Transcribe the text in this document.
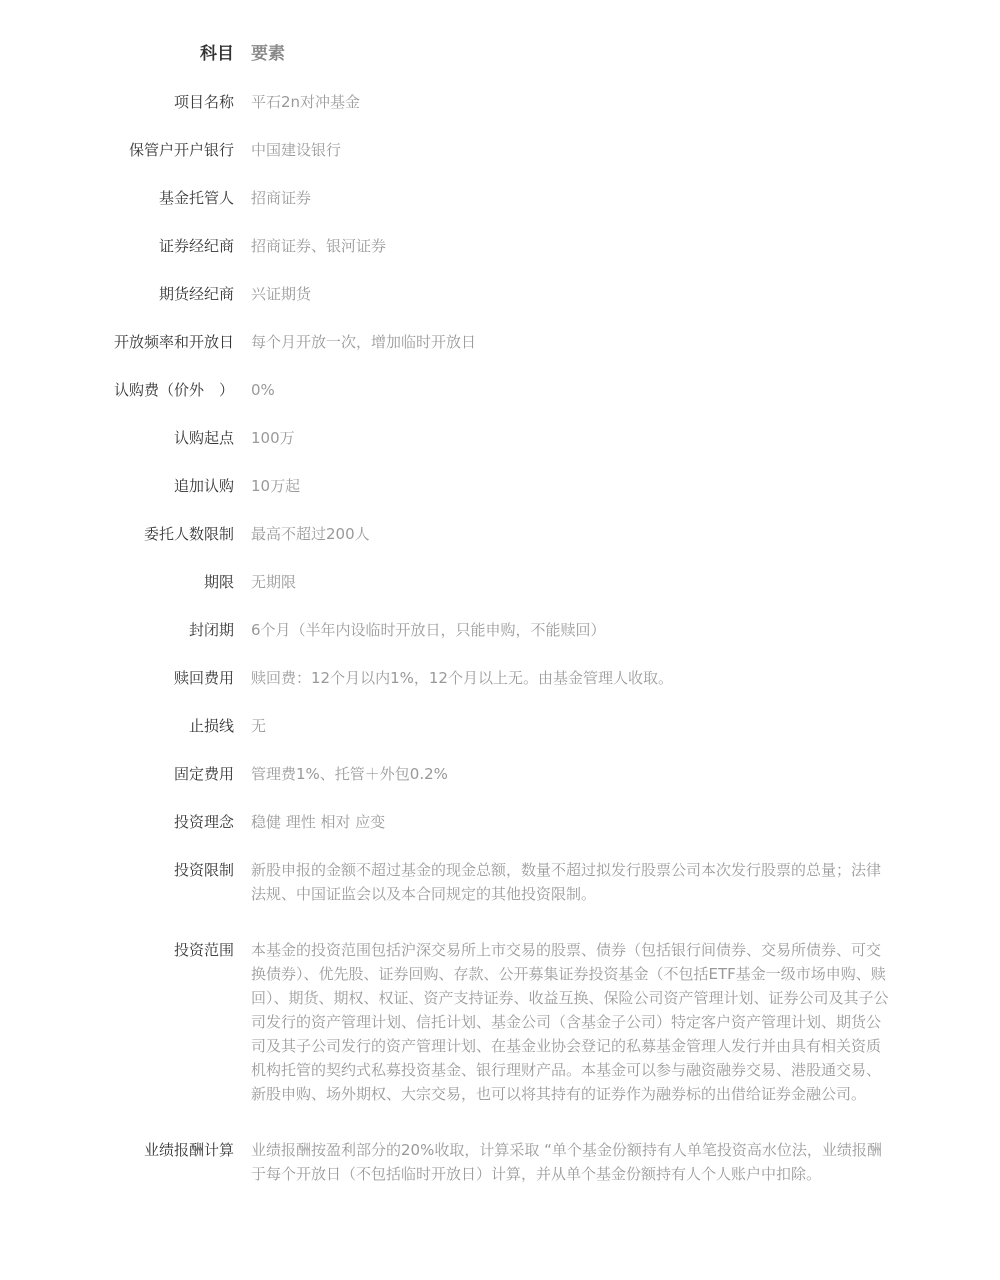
科目 要素
项目名称 平石2n对冲基金
保管户开户银行 中国建设银行
基金托管人 招商证券
证券经纪商 招商证券、银河证券
期货经纪商 兴证期货
开放频率和开放日 每个月开放一次，增加临时开放日
认购费（价外　） 0%
认购起点 100万
追加认购 10万起
委托人数限制 最高不超过200人
期限 无期限
封闭期 6个月（半年内设临时开放日，只能申购，不能赎回）
赎回费用 赎回费：12个月以内1%，12个月以上无。由基金管理人收取。
止损线 无
固定费用 管理费1%、托管＋外包0.2%
投资理念 稳健 理性 相对 应变
投资限制 新股申报的金额不超过基金的现金总额，数量不超过拟发行股票公司本次发行股票的总量；法律法规、中国证监会以及本合同规定的其他投资限制。
投资范围 本基金的投资范围包括沪深交易所上市交易的股票、债券（包括银行间债券、交易所债券、可交换债券）、优先股、证券回购、存款、公开募集证券投资基金（不包括ETF基金一级市场申购、赎回）、期货、期权、权证、资产支持证券、收益互换、保险公司资产管理计划、证券公司及其子公司发行的资产管理计划、信托计划、基金公司（含基金子公司）特定客户资产管理计划、期货公司及其子公司发行的资产管理计划、在基金业协会登记的私募基金管理人发行并由具有相关资质机构托管的契约式私募投资基金、银行理财产品。本基金可以参与融资融券交易、港股通交易、新股申购、场外期权、大宗交易，也可以将其持有的证券作为融券标的出借给证券金融公司。
业绩报酬计算 业绩报酬按盈利部分的20%收取，计算采取 “单个基金份额持有人单笔投资高水位法，业绩报酬于每个开放日（不包括临时开放日）计算，并从单个基金份额持有人个人账户中扣除。
